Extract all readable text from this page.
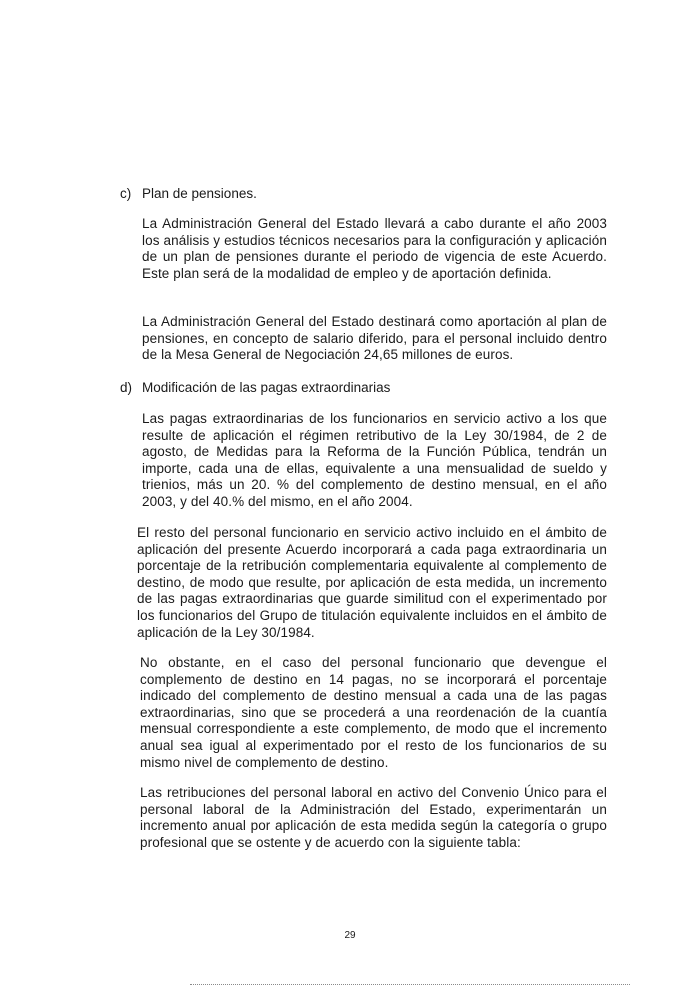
c) Plan de pensiones.

La Administración General del Estado llevará a cabo durante el año 2003 los análisis y estudios técnicos necesarios para la configuración y aplicación de un plan de pensiones durante el periodo de vigencia de este Acuerdo. Este plan será de la modalidad de empleo y de aportación definida.

La Administración General del Estado destinará como aportación al plan de pensiones, en concepto de salario diferido, para el personal incluido dentro de la Mesa General de Negociación 24,65 millones de euros.

d) Modificación de las pagas extraordinarias

Las pagas extraordinarias de los funcionarios en servicio activo a los que resulte de aplicación el régimen retributivo de la Ley 30/1984, de 2 de agosto, de Medidas para la Reforma de la Función Pública, tendrán un importe, cada una de ellas, equivalente a una mensualidad de sueldo y trienios, más un 20. % del complemento de destino mensual, en el año 2003, y del 40.% del mismo, en el año 2004.

El resto del personal funcionario en servicio activo incluido en el ámbito de aplicación del presente Acuerdo incorporará a cada paga extraordinaria un porcentaje de la retribución complementaria equivalente al complemento de destino, de modo que resulte, por aplicación de esta medida, un incremento de las pagas extraordinarias que guarde similitud con el experimentado por los funcionarios del Grupo de titulación equivalente incluidos en el ámbito de aplicación de la Ley 30/1984.

No obstante, en el caso del personal funcionario que devengue el complemento de destino en 14 pagas, no se incorporará el porcentaje indicado del complemento de destino mensual a cada una de las pagas extraordinarias, sino que se procederá a una reordenación de la cuantía mensual correspondiente a este complemento, de modo que el incremento anual sea igual al experimentado por el resto de los funcionarios de su mismo nivel de complemento de destino.

Las retribuciones del personal laboral en activo del Convenio Único para el personal laboral de la Administración del Estado, experimentarán un incremento anual por aplicación de esta medida según la categoría o grupo profesional que se ostente y de acuerdo con la siguiente tabla:

29
